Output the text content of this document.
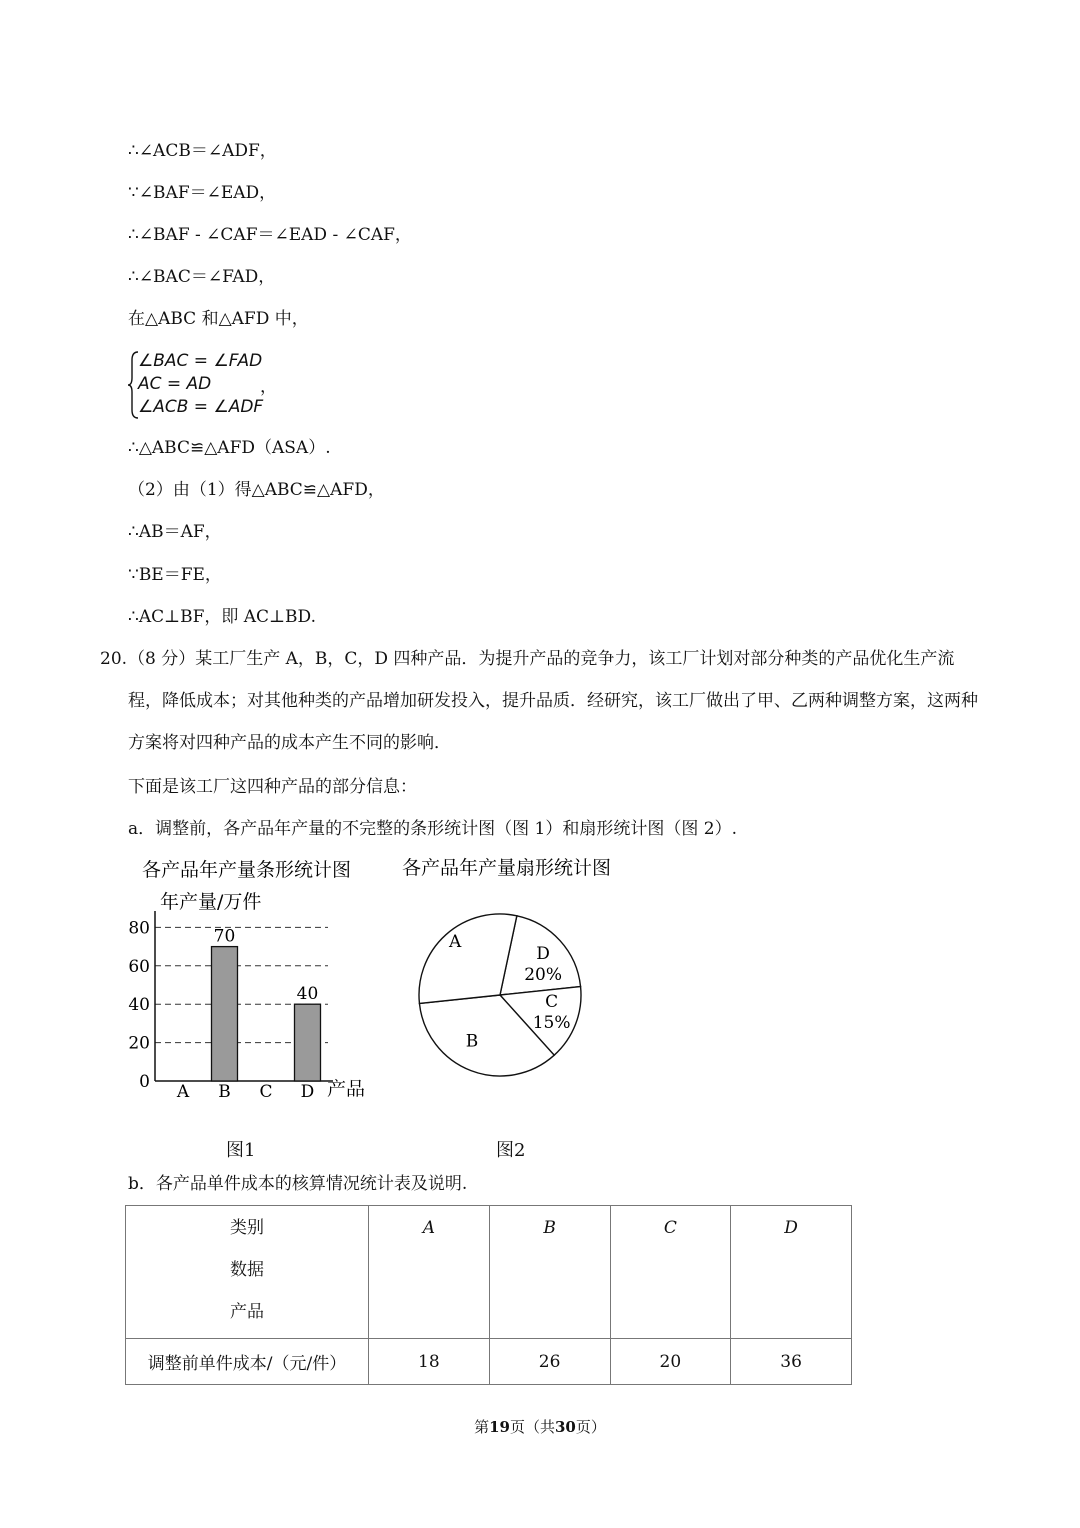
∴∠ACB＝∠ADF，
∵∠BAF＝∠EAD，
∴∠BAF - ∠CAF＝∠EAD - ∠CAF，
∴∠BAC＝∠FAD，
在△ABC 和△AFD 中，
∠BAC = ∠FAD
AC = AD
∠ACB = ∠ADF
，
∴△ABC≌△AFD（ASA）.
（2）由（1）得△ABC≌△AFD，
∴AB＝AF，
∵BE＝FE，
∴AC⊥BF，即 AC⊥BD.
20. （8 分）某工厂生产 A，B，C，D 四种产品．为提升产品的竞争力，该工厂计划对部分种类的产品优化生产流程，降低成本；对其他种类的产品增加研发投入，提升品质．经研究，该工厂做出了甲、乙两种调整方案，这两种方案将对四种产品的成本产生不同的影响．
下面是该工厂这四种产品的部分信息：
a．调整前，各产品年产量的不完整的条形统计图（图 1）和扇形统计图（图 2）.
各产品年产量条形统计图
年产量/万件
产品
0
20
40
60
80
A B
70
C D
40
图1
各产品年产量扇形统计图
D
20%
C
15%
B
A
图2
b．各产品单件成本的核算情况统计表及说明.
类别
数据
产品	A	B	C	D
调整前单件成本/（元/件）	18	26	20	36
第19页（共30页）
